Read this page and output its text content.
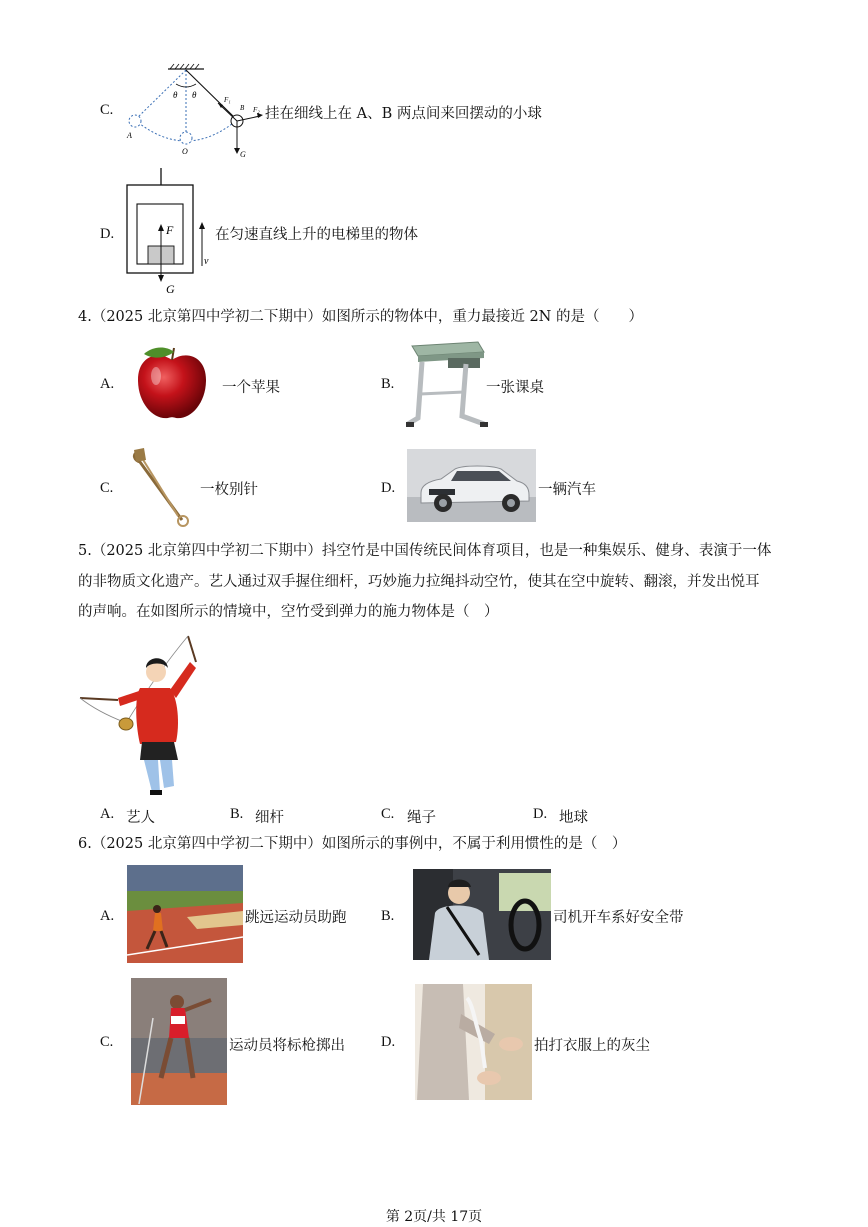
C.
θ θ
A
O
B
F₁
F₂
G
挂在细线上在 A、B 两点间来回摆动的小球
D.	F
G
v
在匀速直线上升的电梯里的物体
4.（2025 北京第四中学初二下期中）如图所示的物体中，重力最接近 2N 的是（　　）
A.	一个苹果	B.	一张课桌
C.	一枚别针	D.	一辆汽车
5.（2025 北京第四中学初二下期中）抖空竹是中国传统民间体育项目，也是一种集娱乐、健身、表演于一体
的非物质文化遗产。艺人通过双手握住细杆，巧妙施力拉绳抖动空竹，使其在空中旋转、翻滚，并发出悦耳
的声响。在如图所示的情境中，空竹受到弹力的施力物体是（　）
A. 艺人	B. 细杆	C. 绳子	D. 地球
6.（2025 北京第四中学初二下期中）如图所示的事例中，不属于利用惯性的是（　）
A.	跳远运动员助跑 B.	司机开车系好安全带
C.	运动员将标枪掷出 D.	拍打衣服上的灰尘
第 2页/共 17页
